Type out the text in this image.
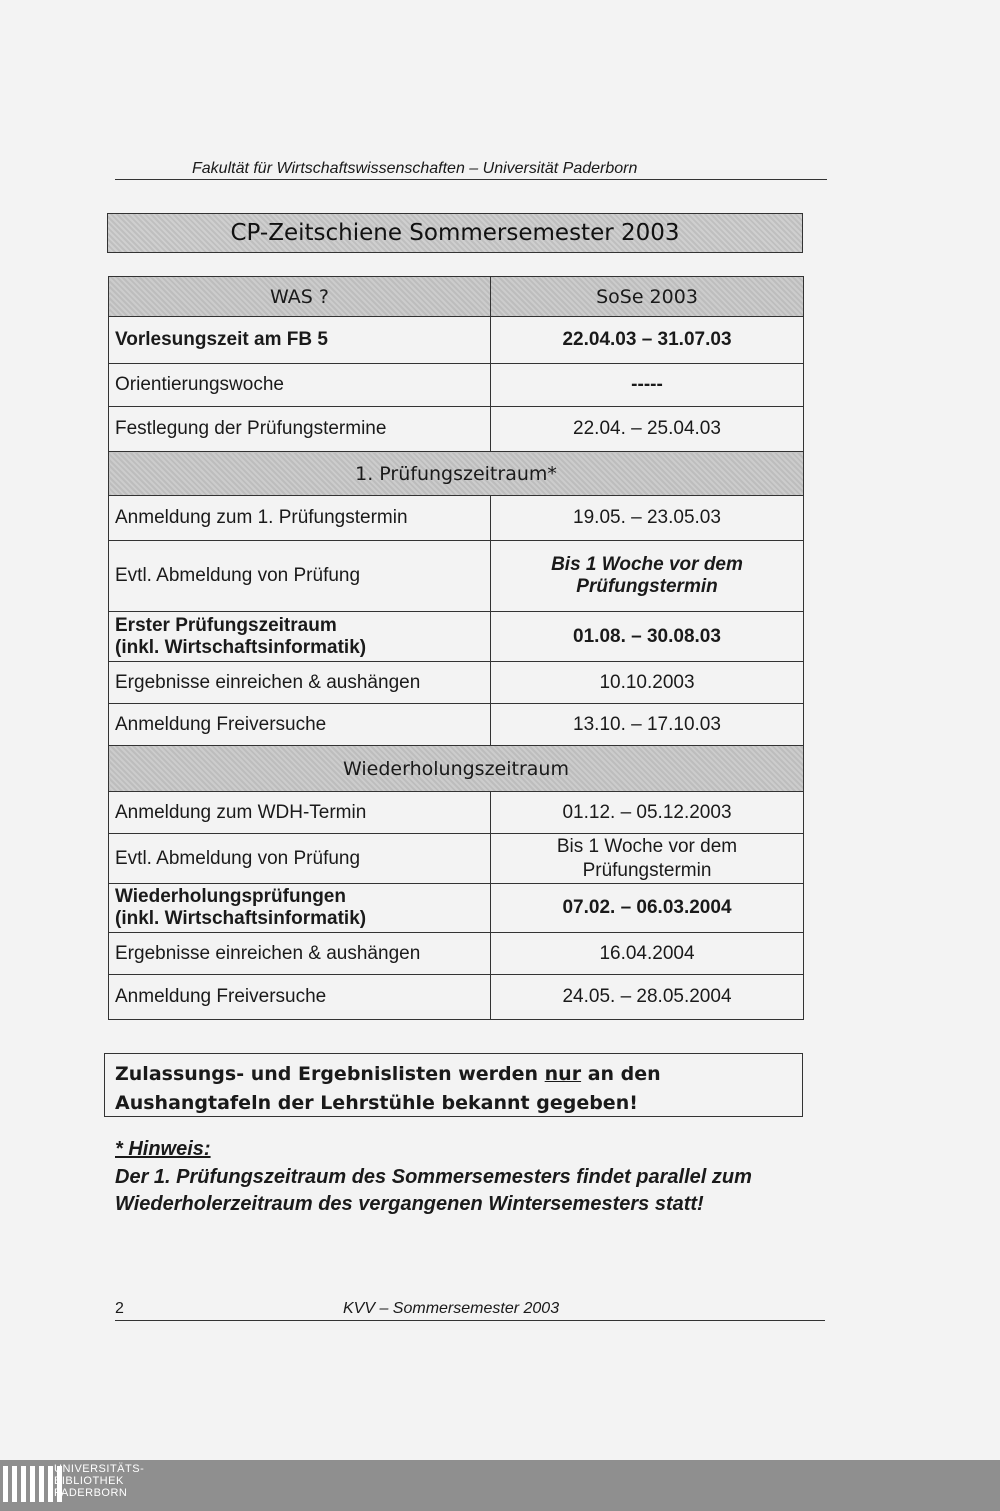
Fakultät für Wirtschaftswissenschaften – Universität Paderborn
CP-Zeitschiene Sommersemester 2003
WAS ?	SoSe 2003
Vorlesungszeit am FB 5	22.04.03 – 31.07.03
Orientierungswoche	-----
Festlegung der Prüfungstermine	22.04. – 25.04.03
1. Prüfungszeitraum*	
Anmeldung zum 1. Prüfungstermin	19.05. – 23.05.03
Evtl. Abmeldung von Prüfung	Bis 1 Woche vor dem Prüfungstermin

Erster Prüfungszeitraum
(inkl. Wirtschaftsinformatik)	01.08. – 30.08.03
Ergebnisse einreichen & aushängen	10.10.2003
Anmeldung Freiversuche	13.10. – 17.10.03
Wiederholungszeitraum	
Anmeldung zum WDH-Termin	01.12. – 05.12.2003
Evtl. Abmeldung von Prüfung	Bis 1 Woche vor dem Prüfungstermin

Wiederholungsprüfungen
(inkl. Wirtschaftsinformatik)	07.02. – 06.03.2004
Ergebnisse einreichen & aushängen	16.04.2004
Anmeldung Freiversuche	24.05. – 28.05.2004
Zulassungs- und Ergebnislisten werden nur an den Aushangtafeln der Lehrstühle bekannt gegeben!
* Hinweis:
Der 1. Prüfungszeitraum des Sommersemesters findet parallel zum Wiederholerzeitraum des vergangenen Wintersemesters statt!
2	KVV – Sommersemester 2003
UNIVERSITÄTS-
BIBLIOTHEK
PADERBORN
